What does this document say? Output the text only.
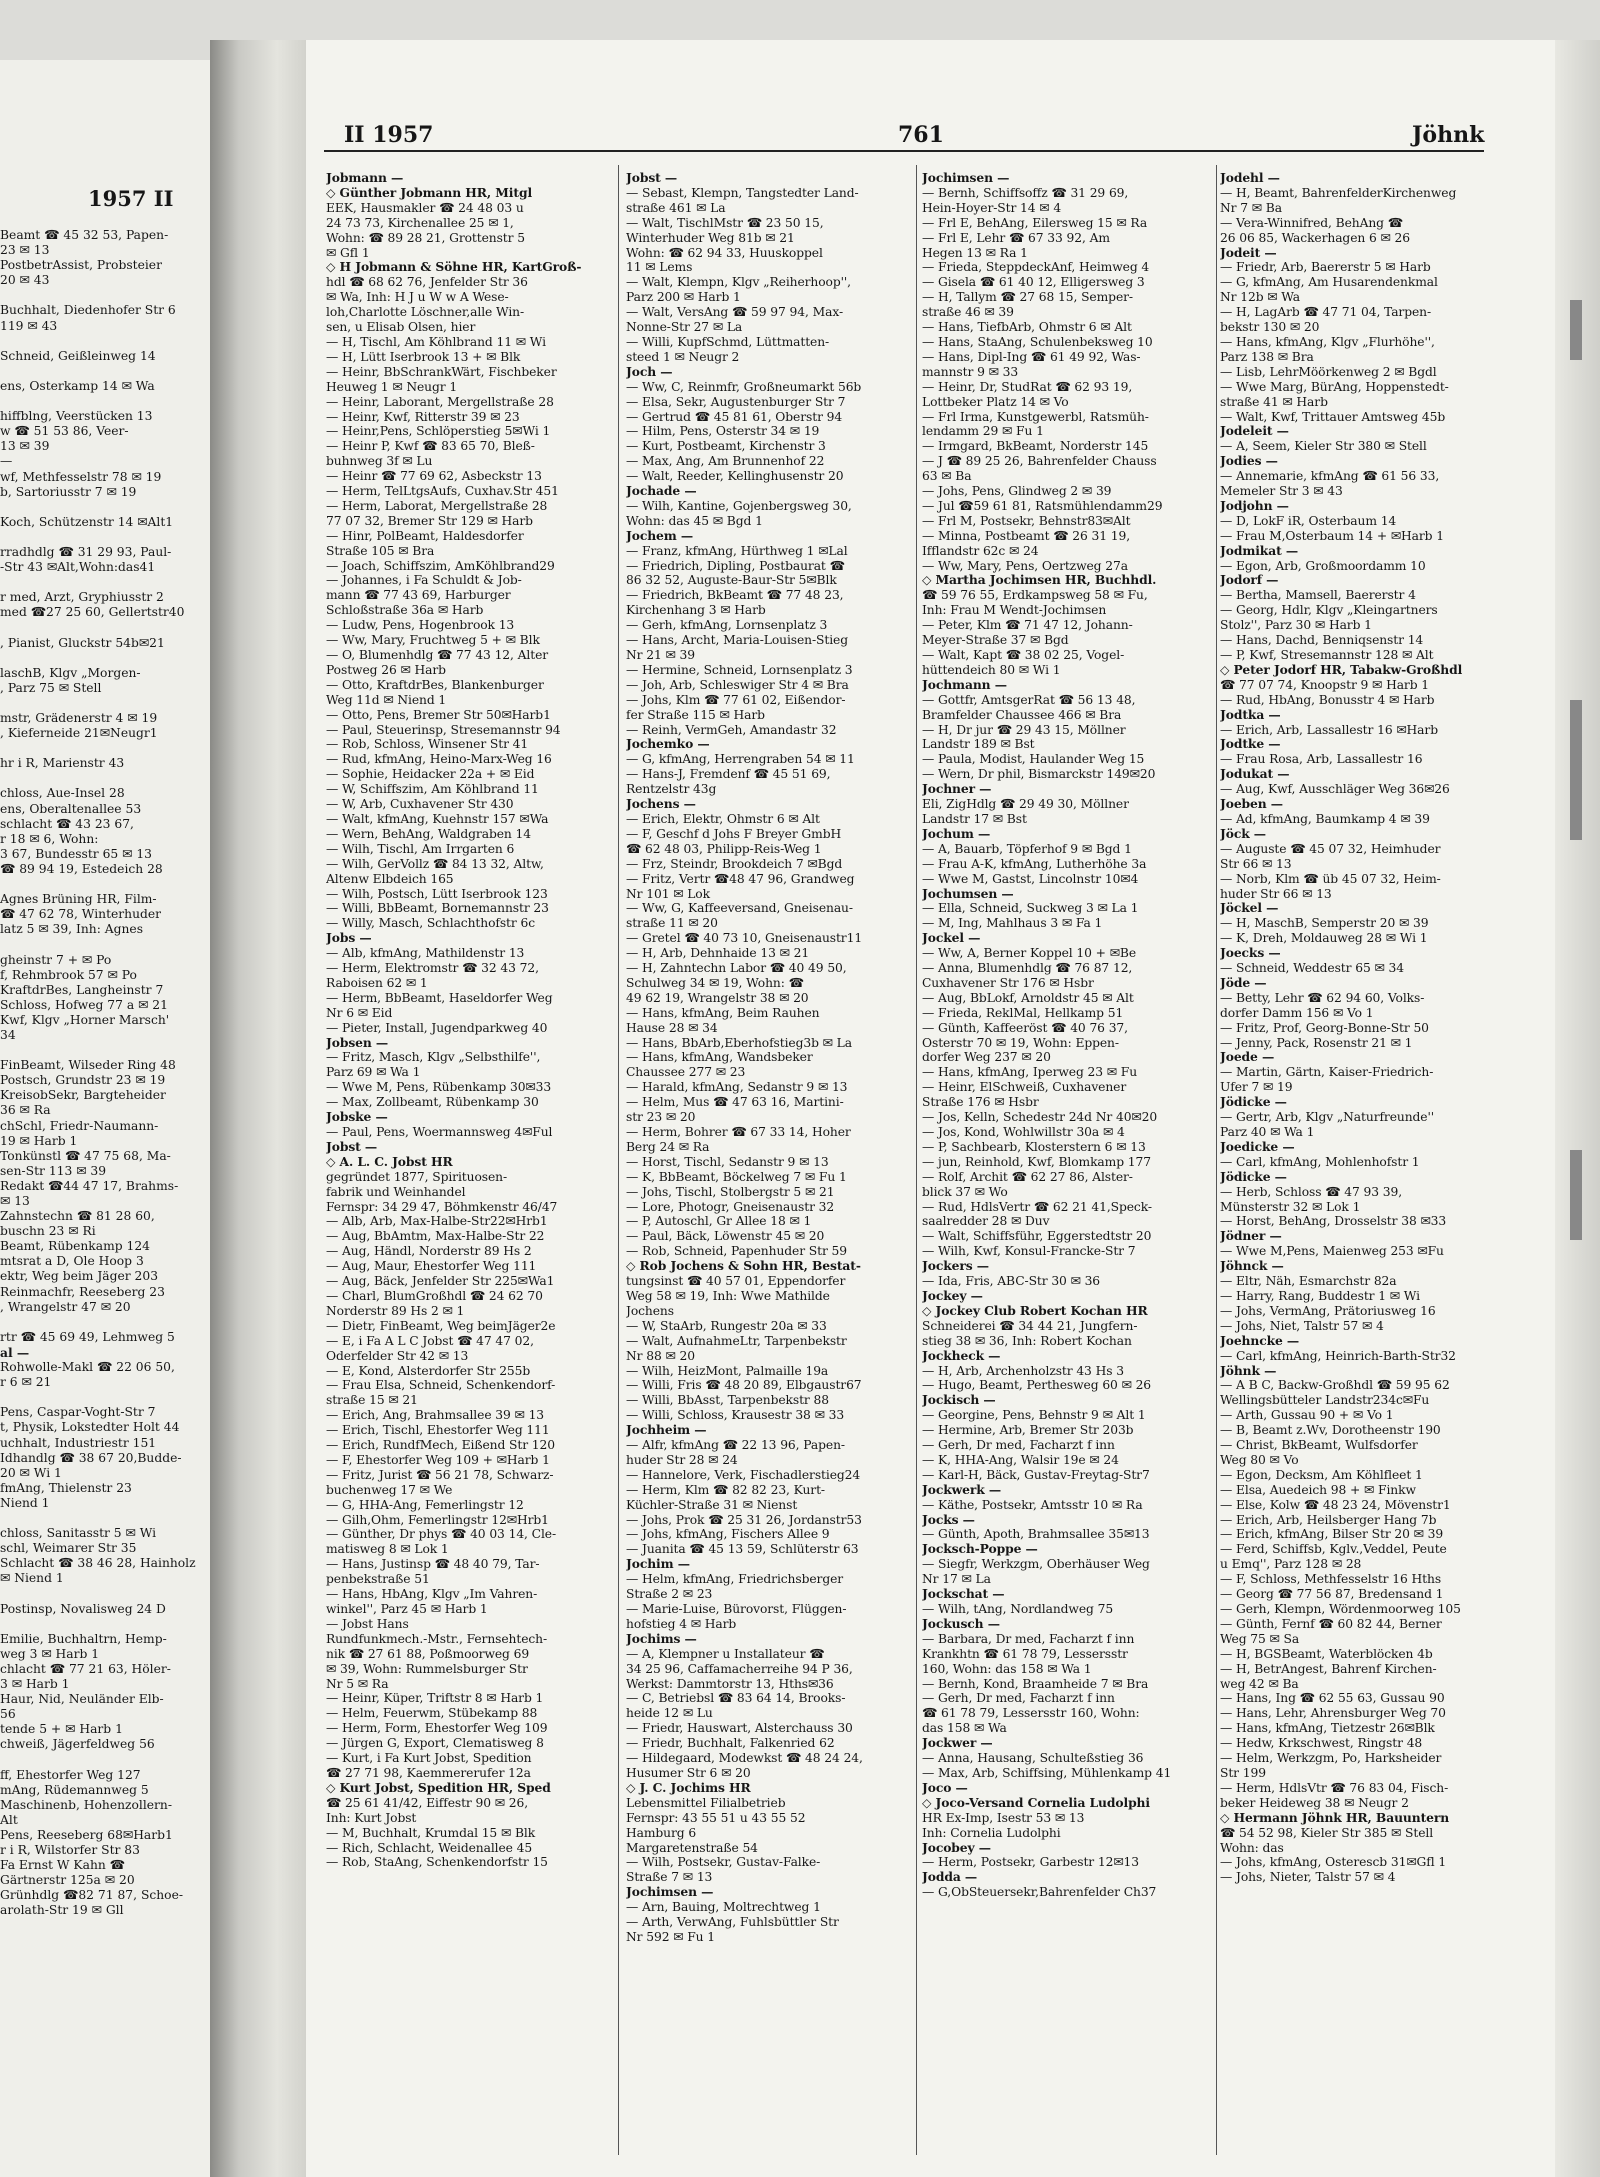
1957 II
Beamt ☎ 45 32 53, Papen-
23 ✉ 13
PostbetrAssist, Probsteier
20 ✉ 43

Buchhalt, Diedenhofer Str 6
119 ✉ 43

Schneid, Geißleinweg 14

ens, Osterkamp 14 ✉ Wa

hiffblng, Veerstücken 13
w ☎ 51 53 86, Veer-
13 ✉ 39
—
wf, Methfesselstr 78 ✉ 19
b, Sartoriusstr 7 ✉ 19

Koch, Schützenstr 14 ✉Alt1

rradhdlg ☎ 31 29 93, Paul-
-Str 43 ✉Alt,Wohn:das41

r med, Arzt, Gryphiusstr 2
med ☎27 25 60, Gellertstr40

, Pianist, Gluckstr 54b✉21

laschB, Klgv „Morgen-
, Parz 75 ✉ Stell

mstr, Grädenerstr 4 ✉ 19
, Kieferneide 21✉Neugr1

hr i R, Marienstr 43

chloss, Aue-Insel 28
ens, Oberaltenallee 53
schlacht ☎ 43 23 67,
r 18 ✉ 6, Wohn:
3 67, Bundesstr 65 ✉ 13
☎ 89 94 19, Estedeich 28

Agnes Brüning HR, Film-
☎ 47 62 78, Winterhuder
latz 5 ✉ 39, Inh: Agnes

gheinstr 7 + ✉ Po
f, Rehmbrook 57 ✉ Po
KraftdrBes, Langheinstr 7
Schloss, Hofweg 77 a ✉ 21
Kwf, Klgv „Horner Marsch'
34

FinBeamt, Wilseder Ring 48
Postsch, Grundstr 23 ✉ 19
KreisobSekr, Bargteheider
36 ✉ Ra
chSchl, Friedr-Naumann-
19 ✉ Harb 1
Tonkünstl ☎ 47 75 68, Ma-
sen-Str 113 ✉ 39
Redakt ☎44 47 17, Brahms-
✉ 13
Zahnstechn ☎ 81 28 60,
buschn 23 ✉ Ri
Beamt, Rübenkamp 124
mtsrat a D, Ole Hoop 3
ektr, Weg beim Jäger 203
Reinmachfr, Reeseberg 23
, Wrangelstr 47 ✉ 20

rtr ☎ 45 69 49, Lehmweg 5
al —
Rohwolle-Makl ☎ 22 06 50,
r 6 ✉ 21

Pens, Caspar-Voght-Str 7
t, Physik, Lokstedter Holt 44
uchhalt, Industriestr 151
Idhandlg ☎ 38 67 20,Budde-
20 ✉ Wi 1
fmAng, Thielenstr 23
Niend 1

chloss, Sanitasstr 5 ✉ Wi
schl, Weimarer Str 35
Schlacht ☎ 38 46 28, Hainholz
✉ Niend 1

Postinsp, Novalisweg 24 D

Emilie, Buchhaltrn, Hemp-
weg 3 ✉ Harb 1
chlacht ☎ 77 21 63, Höler-
3 ✉ Harb 1
Haur, Nid, Neuländer Elb-
56
tende 5 + ✉ Harb 1
chweiß, Jägerfeldweg 56

ff, Ehestorfer Weg 127
mAng, Rüdemannweg 5
Maschinenb, Hohenzollern-
Alt
Pens, Reeseberg 68✉Harb1
r i R, Wilstorfer Str 83
Fa Ernst W Kahn ☎
Gärtnerstr 125a ✉ 20
Grünhdlg ☎82 71 87, Schoe-
arolath-Str 19 ✉ Gll
II 1957	761	Jöhnk
Jobmann —
◇ Günther Jobmann HR, Mitgl
EEK, Hausmakler ☎ 24 48 03 u
24 73 73, Kirchenallee 25 ✉ 1,
Wohn: ☎ 89 28 21, Grottenstr 5
✉ Gfl 1
◇ H Jobmann & Söhne HR, KartGroß-
hdl ☎ 68 62 76, Jenfelder Str 36
✉ Wa, Inh: H J u W w A Wese-
loh,Charlotte Löschner,alle Win-
sen, u Elisab Olsen, hier
— H, Tischl, Am Köhlbrand 11 ✉ Wi
— H, Lütt Iserbrook 13 + ✉ Blk
— Heinr, BbSchrankWärt, Fischbeker
Heuweg 1 ✉ Neugr 1
— Heinr, Laborant, Mergellstraße 28
— Heinr, Kwf, Ritterstr 39 ✉ 23
— Heinr,Pens, Schlöperstieg 5✉Wi 1
— Heinr P, Kwf ☎ 83 65 70, Bleß-
buhnweg 3f ✉ Lu
— Heinr ☎ 77 69 62, Asbeckstr 13
— Herm, TelLtgsAufs, Cuxhav.Str 451
— Herm, Laborat, Mergellstraße 28
77 07 32, Bremer Str 129 ✉ Harb
— Hinr, PolBeamt, Haldesdorfer
Straße 105 ✉ Bra
— Joach, Schiffszim, AmKöhlbrand29
— Johannes, i Fa Schuldt & Job-
mann ☎ 77 43 69, Harburger
Schloßstraße 36a ✉ Harb
— Ludw, Pens, Hogenbrook 13
— Ww, Mary, Fruchtweg 5 + ✉ Blk
— O, Blumenhdlg ☎ 77 43 12, Alter
Postweg 26 ✉ Harb
— Otto, KraftdrBes, Blankenburger
Weg 11d ✉ Niend 1
— Otto, Pens, Bremer Str 50✉Harb1
— Paul, Steuerinsp, Stresemannstr 94
— Rob, Schloss, Winsener Str 41
— Rud, kfmAng, Heino-Marx-Weg 16
— Sophie, Heidacker 22a + ✉ Eid
— W, Schiffszim, Am Köhlbrand 11
— W, Arb, Cuxhavener Str 430
— Walt, kfmAng, Kuehnstr 157 ✉Wa
— Wern, BehAng, Waldgraben 14
— Wilh, Tischl, Am Irrgarten 6
— Wilh, GerVollz ☎ 84 13 32, Altw,
Altenw Elbdeich 165
— Wilh, Postsch, Lütt Iserbrook 123
— Willi, BbBeamt, Bornemannstr 23
— Willy, Masch, Schlachthofstr 6c
Jobs —
— Alb, kfmAng, Mathildenstr 13
— Herm, Elektromstr ☎ 32 43 72,
Raboisen 62 ✉ 1
— Herm, BbBeamt, Haseldorfer Weg
Nr 6 ✉ Eid
— Pieter, Install, Jugendparkweg 40
Jobsen —
— Fritz, Masch, Klgv „Selbsthilfe'',
Parz 69 ✉ Wa 1
— Wwe M, Pens, Rübenkamp 30✉33
— Max, Zollbeamt, Rübenkamp 30
Jobske —
— Paul, Pens, Woermannsweg 4✉Ful
Jobst —
◇ A. L. C. Jobst HR
gegründet 1877, Spirituosen-
fabrik und Weinhandel
Fernspr: 34 29 47, Böhmkenstr 46/47
— Alb, Arb, Max-Halbe-Str22✉Hrb1
— Aug, BbAmtm, Max-Halbe-Str 22
— Aug, Händl, Norderstr 89 Hs 2
— Aug, Maur, Ehestorfer Weg 111
— Aug, Bäck, Jenfelder Str 225✉Wa1
— Charl, BlumGroßhdl ☎ 24 62 70
Norderstr 89 Hs 2 ✉ 1
— Dietr, FinBeamt, Weg beimJäger2e
— E, i Fa A L C Jobst ☎ 47 47 02,
Oderfelder Str 42 ✉ 13
— E, Kond, Alsterdorfer Str 255b
— Frau Elsa, Schneid, Schenkendorf-
straße 15 ✉ 21
— Erich, Ang, Brahmsallee 39 ✉ 13
— Erich, Tischl, Ehestorfer Weg 111
— Erich, RundfMech, Eißend Str 120
— F, Ehestorfer Weg 109 + ✉Harb 1
— Fritz, Jurist ☎ 56 21 78, Schwarz-
buchenweg 17 ✉ We
— G, HHA-Ang, Femerlingstr 12
— Gilh,Ohm, Femerlingstr 12✉Hrb1
— Günther, Dr phys ☎ 40 03 14, Cle-
matisweg 8 ✉ Lok 1
— Hans, Justinsp ☎ 48 40 79, Tar-
penbekstraße 51
— Hans, HbAng, Klgv „Im Vahren-
winkel'', Parz 45 ✉ Harb 1
— Jobst Hans
Rundfunkmech.-Mstr., Fernsehtech-
nik ☎ 27 61 88, Poßmoorweg 69
✉ 39, Wohn: Rummelsburger Str
Nr 5 ✉ Ra
— Heinr, Küper, Triftstr 8 ✉ Harb 1
— Helm, Feuerwm, Stübekamp 88
— Herm, Form, Ehestorfer Weg 109
— Jürgen G, Export, Clematisweg 8
— Kurt, i Fa Kurt Jobst, Spedition
☎ 27 71 98, Kaemmererufer 12a
◇ Kurt Jobst, Spedition HR, Sped
☎ 25 61 41/42, Eiffestr 90 ✉ 26,
Inh: Kurt Jobst
— M, Buchhalt, Krumdal 15 ✉ Blk
— Rich, Schlacht, Weidenallee 45
— Rob, StaAng, Schenkendorfstr 15
Jobst —
— Sebast, Klempn, Tangstedter Land-
straße 461 ✉ La
— Walt, TischlMstr ☎ 23 50 15,
Winterhuder Weg 81b ✉ 21
Wohn: ☎ 62 94 33, Huuskoppel
11 ✉ Lems
— Walt, Klempn, Klgv „Reiherhoop'',
Parz 200 ✉ Harb 1
— Walt, VersAng ☎ 59 97 94, Max-
Nonne-Str 27 ✉ La
— Willi, KupfSchmd, Lüttmatten-
steed 1 ✉ Neugr 2
Joch —
— Ww, C, Reinmfr, Großneumarkt 56b
— Elsa, Sekr, Augustenburger Str 7
— Gertrud ☎ 45 81 61, Oberstr 94
— Hilm, Pens, Osterstr 34 ✉ 19
— Kurt, Postbeamt, Kirchenstr 3
— Max, Ang, Am Brunnenhof 22
— Walt, Reeder, Kellinghusenstr 20
Jochade —
— Wilh, Kantine, Gojenbergsweg 30,
Wohn: das 45 ✉ Bgd 1
Jochem —
— Franz, kfmAng, Hürthweg 1 ✉Lal
— Friedrich, Dipling, Postbaurat ☎
86 32 52, Auguste-Baur-Str 5✉Blk
— Friedrich, BkBeamt ☎ 77 48 23,
Kirchenhang 3 ✉ Harb
— Gerh, kfmAng, Lornsenplatz 3
— Hans, Archt, Maria-Louisen-Stieg
Nr 21 ✉ 39
— Hermine, Schneid, Lornsenplatz 3
— Joh, Arb, Schleswiger Str 4 ✉ Bra
— Johs, Klm ☎ 77 61 02, Eißendor-
fer Straße 115 ✉ Harb
— Reinh, VermGeh, Amandastr 32
Jochemko —
— G, kfmAng, Herrengraben 54 ✉ 11
— Hans-J, Fremdenf ☎ 45 51 69,
Rentzelstr 43g
Jochens —
— Erich, Elektr, Ohmstr 6 ✉ Alt
— F, Geschf d Johs F Breyer GmbH
☎ 62 48 03, Philipp-Reis-Weg 1
— Frz, Steindr, Brookdeich 7 ✉Bgd
— Fritz, Vertr ☎48 47 96, Grandweg
Nr 101 ✉ Lok
— Ww, G, Kaffeeversand, Gneisenau-
straße 11 ✉ 20
— Gretel ☎ 40 73 10, Gneisenaustr11
— H, Arb, Dehnhaide 13 ✉ 21
— H, Zahntechn Labor ☎ 40 49 50,
Schulweg 34 ✉ 19, Wohn: ☎
49 62 19, Wrangelstr 38 ✉ 20
— Hans, kfmAng, Beim Rauhen
Hause 28 ✉ 34
— Hans, BbArb,Eberhofstieg3b ✉ La
— Hans, kfmAng, Wandsbeker
Chaussee 277 ✉ 23
— Harald, kfmAng, Sedanstr 9 ✉ 13
— Helm, Mus ☎ 47 63 16, Martini-
str 23 ✉ 20
— Herm, Bohrer ☎ 67 33 14, Hoher
Berg 24 ✉ Ra
— Horst, Tischl, Sedanstr 9 ✉ 13
— K, BbBeamt, Böckelweg 7 ✉ Fu 1
— Johs, Tischl, Stolbergstr 5 ✉ 21
— Lore, Photogr, Gneisenaustr 32
— P, Autoschl, Gr Allee 18 ✉ 1
— Paul, Bäck, Löwenstr 45 ✉ 20
— Rob, Schneid, Papenhuder Str 59
◇ Rob Jochens & Sohn HR, Bestat-
tungsinst ☎ 40 57 01, Eppendorfer
Weg 58 ✉ 19, Inh: Wwe Mathilde
Jochens
— W, StaArb, Rungestr 20a ✉ 33
— Walt, AufnahmeLtr, Tarpenbekstr
Nr 88 ✉ 20
— Wilh, HeizMont, Palmaille 19a
— Willi, Fris ☎ 48 20 89, Elbgaustr67
— Willi, BbAsst, Tarpenbekstr 88
— Willi, Schloss, Krausestr 38 ✉ 33
Jochheim —
— Alfr, kfmAng ☎ 22 13 96, Papen-
huder Str 28 ✉ 24
— Hannelore, Verk, Fischadlerstieg24
— Herm, Klm ☎ 82 82 23, Kurt-
Küchler-Straße 31 ✉ Nienst
— Johs, Prok ☎ 25 31 26, Jordanstr53
— Johs, kfmAng, Fischers Allee 9
— Juanita ☎ 45 13 59, Schlüterstr 63
Jochim —
— Helm, kfmAng, Friedrichsberger
Straße 2 ✉ 23
— Marie-Luise, Bürovorst, Flüggen-
hofstieg 4 ✉ Harb
Jochims —
— A, Klempner u Installateur ☎
34 25 96, Caffamacherreihe 94 P 36,
Werkst: Dammtorstr 13, Hths✉36
— C, Betriebsl ☎ 83 64 14, Brooks-
heide 12 ✉ Lu
— Friedr, Hauswart, Alsterchauss 30
— Friedr, Buchhalt, Falkenried 62
— Hildegaard, Modewkst ☎ 48 24 24,
Husumer Str 6 ✉ 20
◇ J. C. Jochims HR
Lebensmittel Filialbetrieb
Fernspr: 43 55 51 u 43 55 52
Hamburg 6
Margaretenstraße 54
— Wilh, Postsekr, Gustav-Falke-
Straße 7 ✉ 13
Jochimsen —
— Arn, Bauing, Moltrechtweg 1
— Arth, VerwAng, Fuhlsbüttler Str
Nr 592 ✉ Fu 1
Jochimsen —
— Bernh, Schiffsoffz ☎ 31 29 69,
Hein-Hoyer-Str 14 ✉ 4
— Frl E, BehAng, Eilersweg 15 ✉ Ra
— Frl E, Lehr ☎ 67 33 92, Am
Hegen 13 ✉ Ra 1
— Frieda, SteppdeckAnf, Heimweg 4
— Gisela ☎ 61 40 12, Elligersweg 3
— H, Tallym ☎ 27 68 15, Semper-
straße 46 ✉ 39
— Hans, TiefbArb, Ohmstr 6 ✉ Alt
— Hans, StaAng, Schulenbeksweg 10
— Hans, Dipl-Ing ☎ 61 49 92, Was-
mannstr 9 ✉ 33
— Heinr, Dr, StudRat ☎ 62 93 19,
Lottbeker Platz 14 ✉ Vo
— Frl Irma, Kunstgewerbl, Ratsmüh-
lendamm 29 ✉ Fu 1
— Irmgard, BkBeamt, Norderstr 145
— J ☎ 89 25 26, Bahrenfelder Chauss
63 ✉ Ba
— Johs, Pens, Glindweg 2 ✉ 39
— Jul ☎59 61 81, Ratsmühlendamm29
— Frl M, Postsekr, Behnstr83✉Alt
— Minna, Postbeamt ☎ 26 31 19,
Ifflandstr 62c ✉ 24
— Ww, Mary, Pens, Oertzweg 27a
◇ Martha Jochimsen HR, Buchhdl.
☎ 59 76 55, Erdkampsweg 58 ✉ Fu,
Inh: Frau M Wendt-Jochimsen
— Peter, Klm ☎ 71 47 12, Johann-
Meyer-Straße 37 ✉ Bgd
— Walt, Kapt ☎ 38 02 25, Vogel-
hüttendeich 80 ✉ Wi 1
Jochmann —
— Gottfr, AmtsgerRat ☎ 56 13 48,
Bramfelder Chaussee 466 ✉ Bra
— H, Dr jur ☎ 29 43 15, Möllner
Landstr 189 ✉ Bst
— Paula, Modist, Haulander Weg 15
— Wern, Dr phil, Bismarckstr 149✉20
Jochner —
Eli, ZigHdlg ☎ 29 49 30, Möllner
Landstr 17 ✉ Bst
Jochum —
— A, Bauarb, Töpferhof 9 ✉ Bgd 1
— Frau A-K, kfmAng, Lutherhöhe 3a
— Wwe M, Gastst, Lincolnstr 10✉4
Jochumsen —
— Ella, Schneid, Suckweg 3 ✉ La 1
— M, Ing, Mahlhaus 3 ✉ Fa 1
Jockel —
— Ww, A, Berner Koppel 10 + ✉Be
— Anna, Blumenhdlg ☎ 76 87 12,
Cuxhavener Str 176 ✉ Hsbr
— Aug, BbLokf, Arnoldstr 45 ✉ Alt
— Frieda, ReklMal, Hellkamp 51
— Günth, Kaffeeröst ☎ 40 76 37,
Osterstr 70 ✉ 19, Wohn: Eppen-
dorfer Weg 237 ✉ 20
— Hans, kfmAng, Iperweg 23 ✉ Fu
— Heinr, ElSchweiß, Cuxhavener
Straße 176 ✉ Hsbr
— Jos, Kelln, Schedestr 24d Nr 40✉20
— Jos, Kond, Wohlwillstr 30a ✉ 4
— P, Sachbearb, Klosterstern 6 ✉ 13
— jun, Reinhold, Kwf, Blomkamp 177
— Rolf, Archit ☎ 62 27 86, Alster-
blick 37 ✉ Wo
— Rud, HdlsVertr ☎ 62 21 41,Speck-
saalredder 28 ✉ Duv
— Walt, Schiffsführ, Eggerstedtstr 20
— Wilh, Kwf, Konsul-Francke-Str 7
Jockers —
— Ida, Fris, ABC-Str 30 ✉ 36
Jockey —
◇ Jockey Club Robert Kochan HR
Schneiderei ☎ 34 44 21, Jungfern-
stieg 38 ✉ 36, Inh: Robert Kochan
Jockheck —
— H, Arb, Archenholzstr 43 Hs 3
— Hugo, Beamt, Perthesweg 60 ✉ 26
Jockisch —
— Georgine, Pens, Behnstr 9 ✉ Alt 1
— Hermine, Arb, Bremer Str 203b
— Gerh, Dr med, Facharzt f inn
— K, HHA-Ang, Walsir 19e ✉ 24
— Karl-H, Bäck, Gustav-Freytag-Str7
Jockwerk —
— Käthe, Postsekr, Amtsstr 10 ✉ Ra
Jocks —
— Günth, Apoth, Brahmsallee 35✉13
Jocksch-Poppe —
— Siegfr, Werkzgm, Oberhäuser Weg
Nr 17 ✉ La
Jockschat —
— Wilh, tAng, Nordlandweg 75
Jockusch —
— Barbara, Dr med, Facharzt f inn
Krankhtn ☎ 61 78 79, Lessersstr
160, Wohn: das 158 ✉ Wa 1
— Bernh, Kond, Braamheide 7 ✉ Bra
— Gerh, Dr med, Facharzt f inn
☎ 61 78 79, Lessersstr 160, Wohn:
das 158 ✉ Wa
Jockwer —
— Anna, Hausang, Schulteßstieg 36
— Max, Arb, Schiffsing, Mühlenkamp 41
Joco —
◇ Joco-Versand Cornelia Ludolphi
HR Ex-Imp, Isestr 53 ✉ 13
Inh: Cornelia Ludolphi
Jocobey —
— Herm, Postsekr, Garbestr 12✉13
Jodda —
— G,ObSteuersekr,Bahrenfelder Ch37
Jodehl —
— H, Beamt, BahrenfelderKirchenweg
Nr 7 ✉ Ba
— Vera-Winnifred, BehAng ☎
26 06 85, Wackerhagen 6 ✉ 26
Jodeit —
— Friedr, Arb, Baererstr 5 ✉ Harb
— G, kfmAng, Am Husarendenkmal
Nr 12b ✉ Wa
— H, LagArb ☎ 47 71 04, Tarpen-
bekstr 130 ✉ 20
— Hans, kfmAng, Klgv „Flurhöhe'',
Parz 138 ✉ Bra
— Lisb, LehrMöörkenweg 2 ✉ Bgdl
— Wwe Marg, BürAng, Hoppenstedt-
straße 41 ✉ Harb
— Walt, Kwf, Trittauer Amtsweg 45b
Jodeleit —
— A, Seem, Kieler Str 380 ✉ Stell
Jodies —
— Annemarie, kfmAng ☎ 61 56 33,
Memeler Str 3 ✉ 43
Jodjohn —
— D, LokF iR, Osterbaum 14
— Frau M,Osterbaum 14 + ✉Harb 1
Jodmikat —
— Egon, Arb, Großmoordamm 10
Jodorf —
— Bertha, Mamsell, Baererstr 4
— Georg, Hdlr, Klgv „Kleingartners
Stolz'', Parz 30 ✉ Harb 1
— Hans, Dachd, Benniqsenstr 14
— P, Kwf, Stresemannstr 128 ✉ Alt
◇ Peter Jodorf HR, Tabakw-Großhdl
☎ 77 07 74, Knoopstr 9 ✉ Harb 1
— Rud, HbAng, Bonusstr 4 ✉ Harb
Jodtka —
— Erich, Arb, Lassallestr 16 ✉Harb
Jodtke —
— Frau Rosa, Arb, Lassallestr 16
Jodukat —
— Aug, Kwf, Ausschläger Weg 36✉26
Joeben —
— Ad, kfmAng, Baumkamp 4 ✉ 39
Jöck —
— Auguste ☎ 45 07 32, Heimhuder
Str 66 ✉ 13
— Norb, Klm ☎ üb 45 07 32, Heim-
huder Str 66 ✉ 13
Jöckel —
— H, MaschB, Semperstr 20 ✉ 39
— K, Dreh, Moldauweg 28 ✉ Wi 1
Joecks —
— Schneid, Weddestr 65 ✉ 34
Jöde —
— Betty, Lehr ☎ 62 94 60, Volks-
dorfer Damm 156 ✉ Vo 1
— Fritz, Prof, Georg-Bonne-Str 50
— Jenny, Pack, Rosenstr 21 ✉ 1
Joede —
— Martin, Gärtn, Kaiser-Friedrich-
Ufer 7 ✉ 19
Jödicke —
— Gertr, Arb, Klgv „Naturfreunde''
Parz 40 ✉ Wa 1
Joedicke —
— Carl, kfmAng, Mohlenhofstr 1
Jödicke —
— Herb, Schloss ☎ 47 93 39,
Münsterstr 32 ✉ Lok 1
— Horst, BehAng, Drosselstr 38 ✉33
Jödner —
— Wwe M,Pens, Maienweg 253 ✉Fu
Jöhnck —
— Eltr, Näh, Esmarchstr 82a
— Harry, Rang, Buddestr 1 ✉ Wi
— Johs, VermAng, Prätoriusweg 16
— Johs, Niet, Talstr 57 ✉ 4
Joehncke —
— Carl, kfmAng, Heinrich-Barth-Str32
Jöhnk —
— A B C, Backw-Großhdl ☎ 59 95 62
Wellingsbütteler Landstr234c✉Fu
— Arth, Gussau 90 + ✉ Vo 1
— B, Beamt z.Wv, Dorotheenstr 190
— Christ, BkBeamt, Wulfsdorfer
Weg 80 ✉ Vo
— Egon, Decksm, Am Köhlfleet 1
— Elsa, Auedeich 98 + ✉ Finkw
— Else, Kolw ☎ 48 23 24, Mövenstr1
— Erich, Arb, Heilsberger Hang 7b
— Erich, kfmAng, Bilser Str 20 ✉ 39
— Ferd, Schiffsb, Kglv.,Veddel, Peute
u Emq'', Parz 128 ✉ 28
— F, Schloss, Methfesselstr 16 Hths
— Georg ☎ 77 56 87, Bredensand 1
— Gerh, Klempn, Wördenmoorweg 105
— Günth, Fernf ☎ 60 82 44, Berner
Weg 75 ✉ Sa
— H, BGSBeamt, Waterblöcken 4b
— H, BetrAngest, Bahrenf Kirchen-
weg 42 ✉ Ba
— Hans, Ing ☎ 62 55 63, Gussau 90
— Hans, Lehr, Ahrensburger Weg 70
— Hans, kfmAng, Tietzestr 26✉Blk
— Hedw, Krkschwest, Ringstr 48
— Helm, Werkzgm, Po, Harksheider
Str 199
— Herm, HdlsVtr ☎ 76 83 04, Fisch-
beker Heideweg 38 ✉ Neugr 2
◇ Hermann Jöhnk HR, Bauuntern
☎ 54 52 98, Kieler Str 385 ✉ Stell
Wohn: das
— Johs, kfmAng, Osterescb 31✉Gfl 1
— Johs, Nieter, Talstr 57 ✉ 4
